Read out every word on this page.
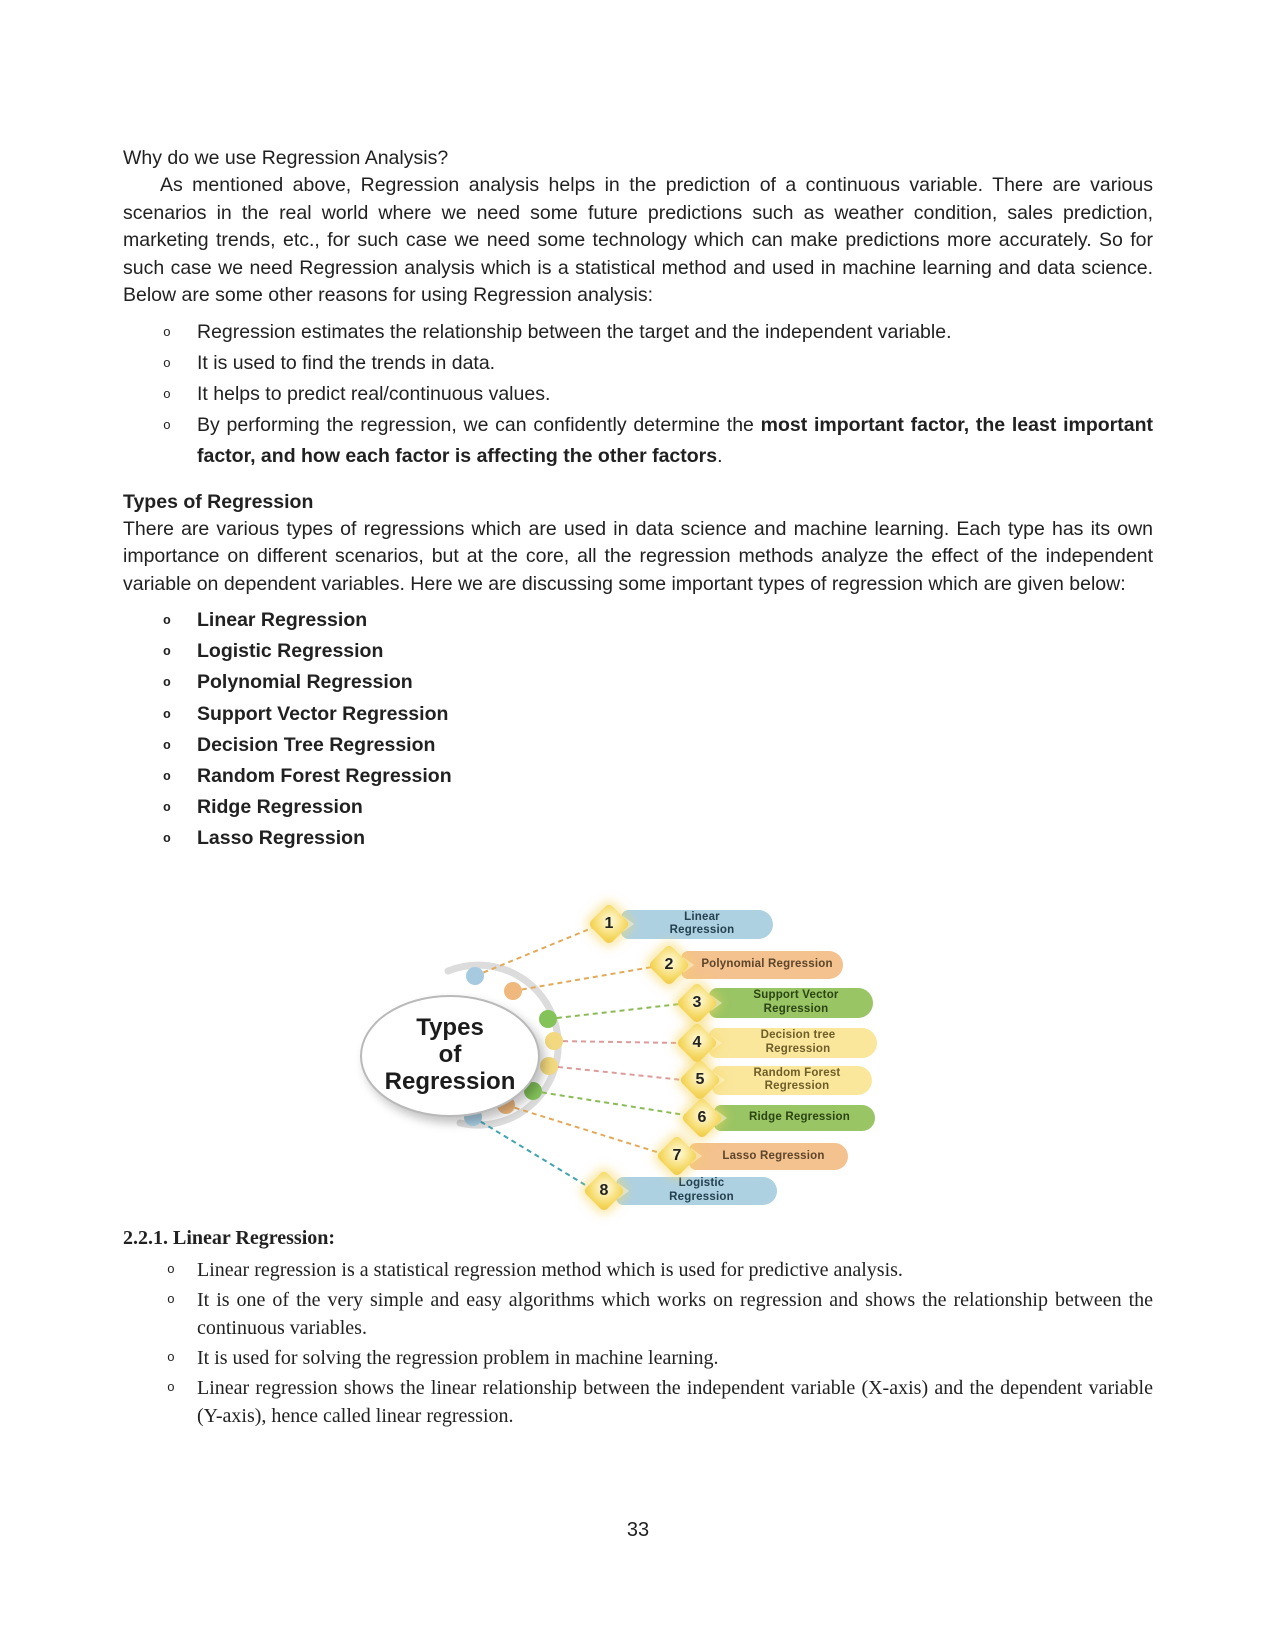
Why do we use Regression Analysis?

As mentioned above, Regression analysis helps in the prediction of a continuous variable. There are various scenarios in the real world where we need some future predictions such as weather condition, sales prediction, marketing trends, etc., for such case we need some technology which can make predictions more accurately. So for such case we need Regression analysis which is a statistical method and used in machine learning and data science. Below are some other reasons for using Regression analysis:

o Regression estimates the relationship between the target and the independent variable.
o It is used to find the trends in data.
o It helps to predict real/continuous values.
o By performing the regression, we can confidently determine the most important factor, the least important factor, and how each factor is affecting the other factors.

Types of Regression

There are various types of regressions which are used in data science and machine learning. Each type has its own importance on different scenarios, but at the core, all the regression methods analyze the effect of the independent variable on dependent variables. Here we are discussing some important types of regression which are given below:

o Linear Regression
o Logistic Regression
o Polynomial Regression
o Support Vector Regression
o Decision Tree Regression
o Random Forest Regression
o Ridge Regression
o Lasso Regression
Types
of
Regression
1
2
3
4
5
6
7
8
Linear Regression
Polynomial Regression
Support Vector Regression
Decision tree Regression
Random Forest Regression
Ridge Regression
Lasso Regression
Logistic Regression

2.2.1. Linear Regression:

o Linear regression is a statistical regression method which is used for predictive analysis.
o It is one of the very simple and easy algorithms which works on regression and shows the relationship between the continuous variables.
o It is used for solving the regression problem in machine learning.
o Linear regression shows the linear relationship between the independent variable (X-axis) and the dependent variable (Y-axis), hence called linear regression.
33
